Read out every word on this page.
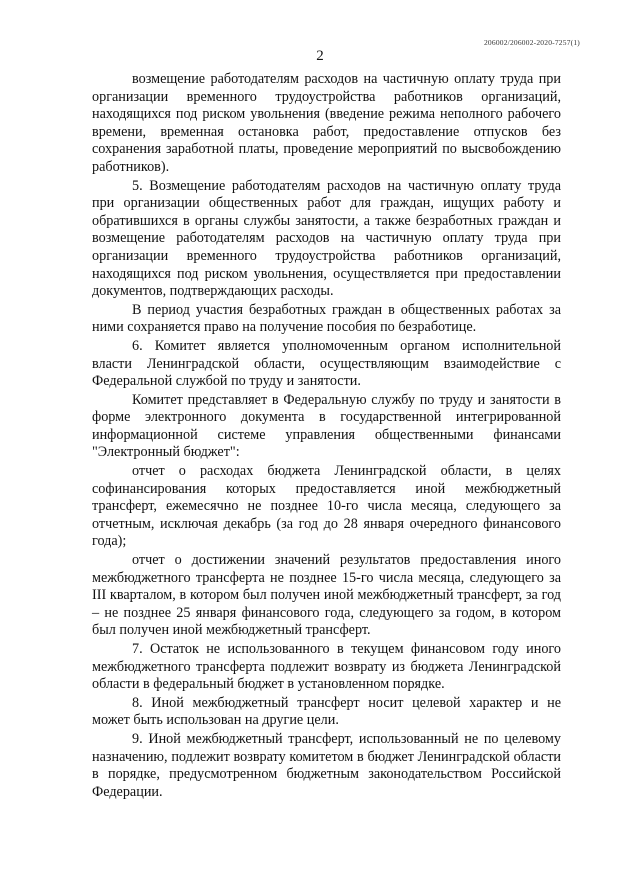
206002/206002-2020-7257(1)
2

возмещение работодателям расходов на частичную оплату труда при организации временного трудоустройства работников организаций, находящихся под риском увольнения (введение режима неполного рабочего времени, временная остановка работ, предоставление отпусков без сохранения заработной платы, проведение мероприятий по высвобождению работников).

5. Возмещение работодателям расходов на частичную оплату труда при организации общественных работ для граждан, ищущих работу и обратившихся в органы службы занятости, а также безработных граждан и возмещение работодателям расходов на частичную оплату труда при организации временного трудоустройства работников организаций, находящихся под риском увольнения, осуществляется при предоставлении документов, подтверждающих расходы.

В период участия безработных граждан в общественных работах за ними сохраняется право на получение пособия по безработице.

6. Комитет является уполномоченным органом исполнительной власти Ленинградской области, осуществляющим взаимодействие с Федеральной службой по труду и занятости.

Комитет представляет в Федеральную службу по труду и занятости в форме электронного документа в государственной интегрированной информационной системе управления общественными финансами "Электронный бюджет":

отчет о расходах бюджета Ленинградской области, в целях софинансирования которых предоставляется иной межбюджетный трансферт, ежемесячно не позднее 10-го числа месяца, следующего за отчетным, исключая декабрь (за год до 28 января очередного финансового года);

отчет о достижении значений результатов предоставления иного межбюджетного трансферта не позднее 15-го числа месяца, следующего за III кварталом, в котором был получен иной межбюджетный трансферт, за год – не позднее 25 января финансового года, следующего за годом, в котором был получен иной межбюджетный трансферт.

7. Остаток не использованного в текущем финансовом году иного межбюджетного трансферта подлежит возврату из бюджета Ленинградской области в федеральный бюджет в установленном порядке.

8. Иной межбюджетный трансферт носит целевой характер и не может быть использован на другие цели.

9. Иной межбюджетный трансферт, использованный не по целевому назначению, подлежит возврату комитетом в бюджет Ленинградской области в порядке, предусмотренном бюджетным законодательством Российской Федерации.
